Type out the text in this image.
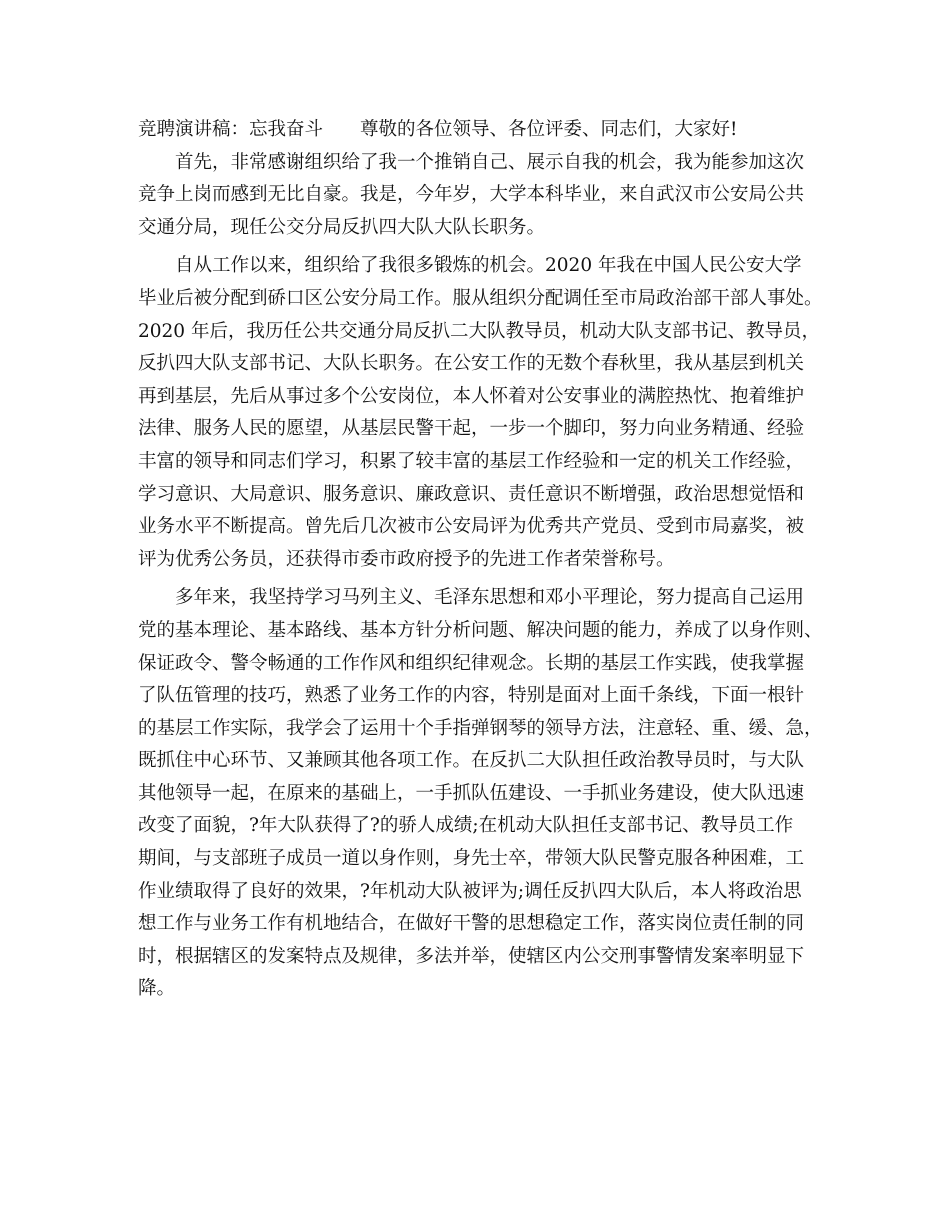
竞聘演讲稿：忘我奋斗　　尊敬的各位领导、各位评委、同志们，大家好!
首先，非常感谢组织给了我一个推销自己、展示自我的机会，我为能参加这次
竞争上岗而感到无比自豪。我是，今年岁，大学本科毕业，来自武汉市公安局公共
交通分局，现任公交分局反扒四大队大队长职务。
自从工作以来，组织给了我很多锻炼的机会。2020 年我在中国人民公安大学
毕业后被分配到硚口区公安分局工作。服从组织分配调任至市局政治部干部人事处。
2020 年后，我历任公共交通分局反扒二大队教导员，机动大队支部书记、教导员，
反扒四大队支部书记、大队长职务。在公安工作的无数个春秋里，我从基层到机关
再到基层，先后从事过多个公安岗位，本人怀着对公安事业的满腔热忱、抱着维护
法律、服务人民的愿望，从基层民警干起，一步一个脚印，努力向业务精通、经验
丰富的领导和同志们学习，积累了较丰富的基层工作经验和一定的机关工作经验，
学习意识、大局意识、服务意识、廉政意识、责任意识不断增强，政治思想觉悟和
业务水平不断提高。曾先后几次被市公安局评为优秀共产党员、受到市局嘉奖，被
评为优秀公务员，还获得市委市政府授予的先进工作者荣誉称号。
多年来，我坚持学习马列主义、毛泽东思想和邓小平理论，努力提高自己运用
党的基本理论、基本路线、基本方针分析问题、解决问题的能力，养成了以身作则、
保证政令、警令畅通的工作作风和组织纪律观念。长期的基层工作实践，使我掌握
了队伍管理的技巧，熟悉了业务工作的内容，特别是面对上面千条线，下面一根针
的基层工作实际，我学会了运用十个手指弹钢琴的领导方法，注意轻、重、缓、急，
既抓住中心环节、又兼顾其他各项工作。在反扒二大队担任政治教导员时，与大队
其他领导一起，在原来的基础上，一手抓队伍建设、一手抓业务建设，使大队迅速
改变了面貌，?年大队获得了?的骄人成绩;在机动大队担任支部书记、教导员工作
期间，与支部班子成员一道以身作则，身先士卒，带领大队民警克服各种困难，工
作业绩取得了良好的效果，?年机动大队被评为;调任反扒四大队后，本人将政治思
想工作与业务工作有机地结合，在做好干警的思想稳定工作，落实岗位责任制的同
时，根据辖区的发案特点及规律，多法并举，使辖区内公交刑事警情发案率明显下
降。
